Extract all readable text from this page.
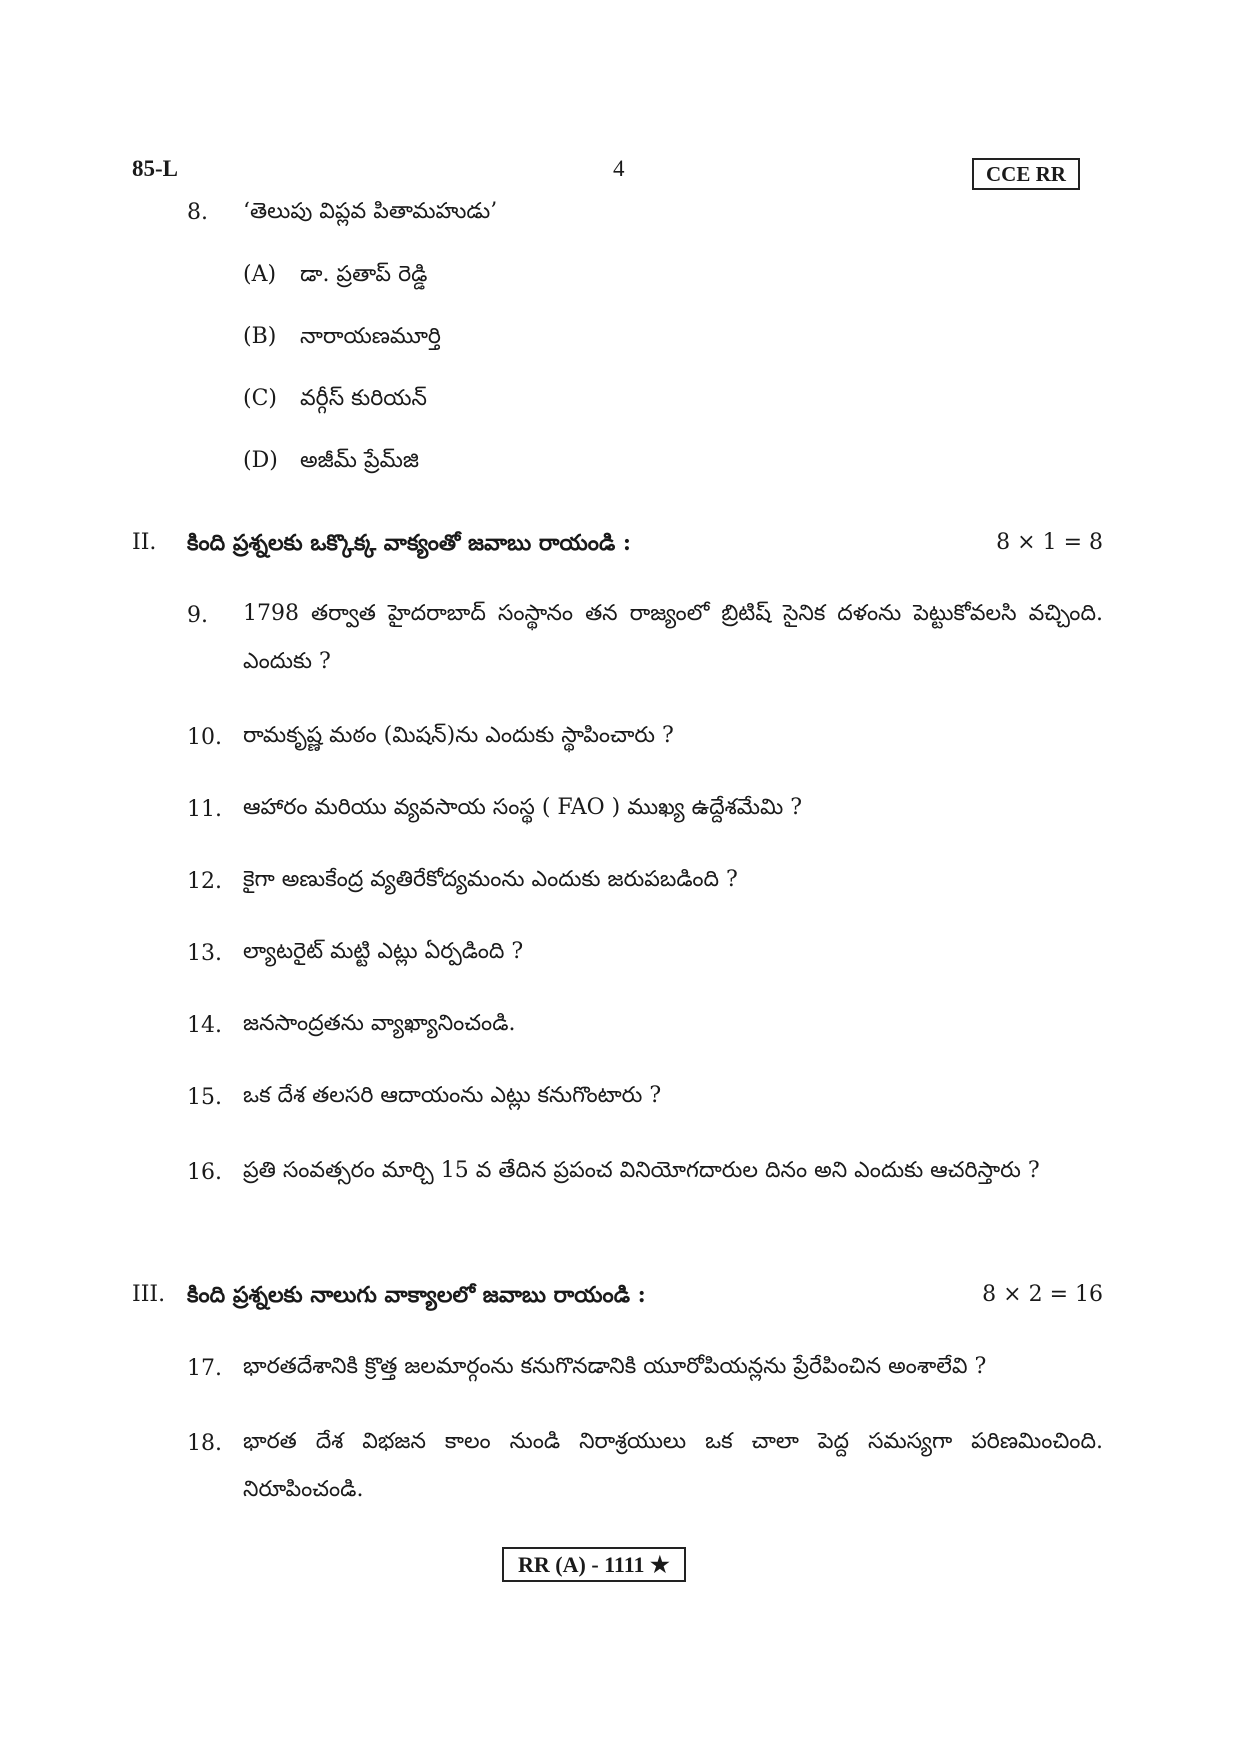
85-L	4	CCE RR
8. ‘తెలుపు విప్లవ పితామహుడు’
(A) డా. ప్రతాప్ రెడ్డి
(B) నారాయణమూర్తి
(C) వర్గీస్ కురియన్
(D) అజీమ్ ప్రేమ్‌జి
II. కింది ప్రశ్నలకు ఒక్కొక్క వాక్యంతో జవాబు రాయండి :	8 × 1 = 8
9. 1798 తర్వాత హైదరాబాద్ సంస్థానం తన రాజ్యంలో బ్రిటిష్ సైనిక దళంను పెట్టుకోవలసి వచ్చింది. ఎందుకు ?
10. రామకృష్ణ మఠం (మిషన్)ను ఎందుకు స్థాపించారు ?
11. ఆహారం మరియు వ్యవసాయ సంస్థ ( FAO ) ముఖ్య ఉద్దేశమేమి ?
12. కైగా అణుకేంద్ర వ్యతిరేకోద్యమంను ఎందుకు జరుపబడింది ?
13. ల్యాటరైట్ మట్టి ఎట్లు ఏర్పడింది ?
14. జనసాంద్రతను వ్యాఖ్యానించండి.
15. ఒక దేశ తలసరి ఆదాయంను ఎట్లు కనుగొంటారు ?
16. ప్రతి సంవత్సరం మార్చి 15 వ తేదిన ప్రపంచ వినియోగదారుల దినం అని ఎందుకు ఆచరిస్తారు ?
III. కింది ప్రశ్నలకు నాలుగు వాక్యాలలో జవాబు రాయండి :	8 × 2 = 16
17. భారతదేశానికి క్రొత్త జలమార్గంను కనుగొనడానికి యూరోపియన్లను ప్రేరేపించిన అంశాలేవి ?
18. భారత దేశ విభజన కాలం నుండి నిరాశ్రయులు ఒక చాలా పెద్ద సమస్యగా పరిణమించింది. నిరూపించండి.
RR (A) - 1111 ★
